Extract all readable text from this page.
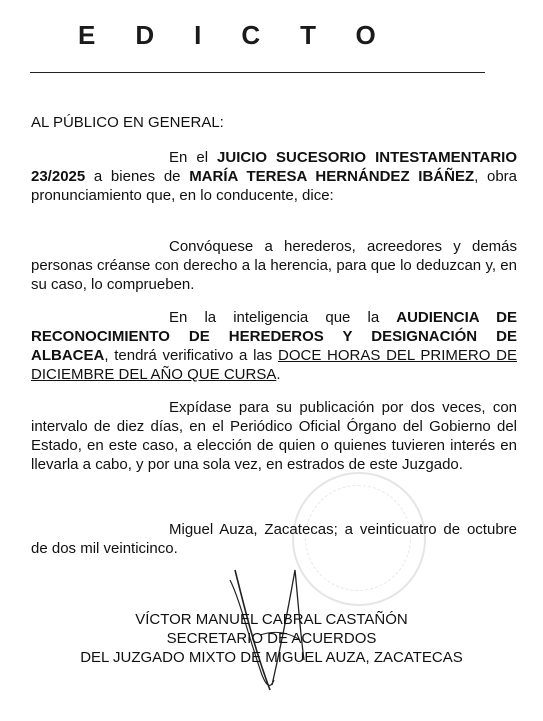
EDICTO
AL PÚBLICO EN GENERAL:

En el JUICIO SUCESORIO INTESTAMENTARIO 23/2025 a bienes de MARÍA TERESA HERNÁNDEZ IBÁÑEZ, obra pronunciamiento que, en lo conducente, dice:

Convóquese a herederos, acreedores y demás personas créanse con derecho a la herencia, para que lo deduzcan y, en su caso, lo comprueben.

En la inteligencia que la AUDIENCIA DE RECONOCIMIENTO DE HEREDEROS Y DESIGNACIÓN DE ALBACEA, tendrá verificativo a las DOCE HORAS DEL PRIMERO DE DICIEMBRE DEL AÑO QUE CURSA.

Expídase para su publicación por dos veces, con intervalo de diez días, en el Periódico Oficial Órgano del Gobierno del Estado, en este caso, a elección de quien o quienes tuvieren interés en llevarla a cabo, y por una sola vez, en estrados de este Juzgado.

Miguel Auza, Zacatecas; a veinticuatro de octubre de dos mil veinticinco.

VÍCTOR MANUEL CABRAL CASTAÑÓN
SECRETARIO DE ACUERDOS
DEL JUZGADO MIXTO DE MIGUEL AUZA, ZACATECAS
